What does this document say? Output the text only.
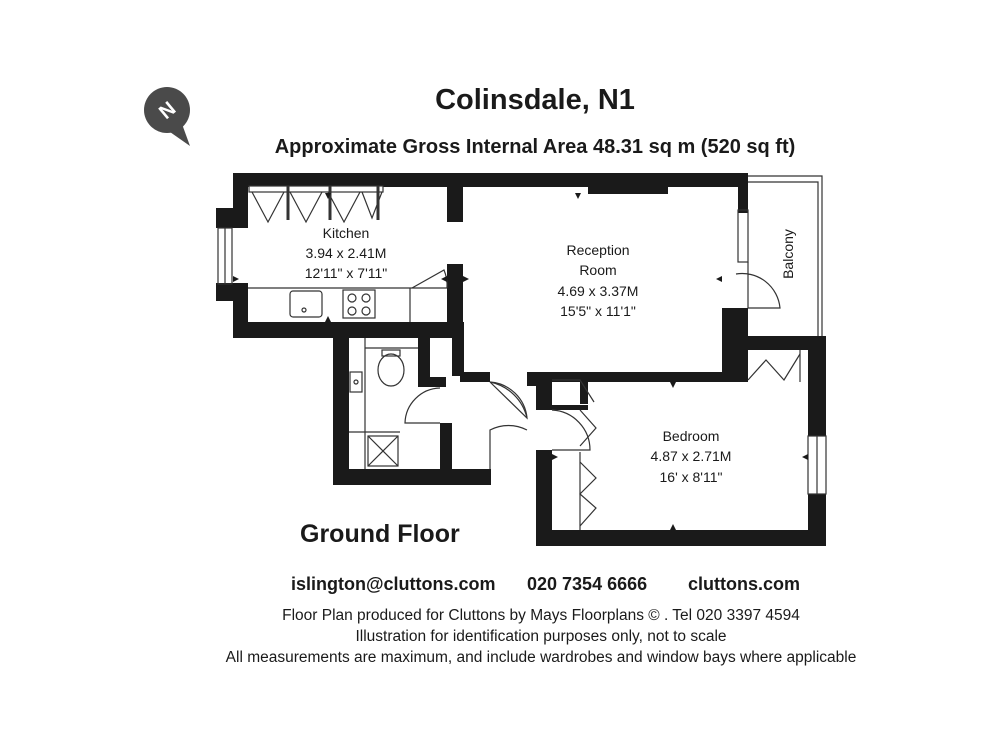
Colinsdale, N1
Approximate Gross Internal Area 48.31 sq m (520 sq ft)
N
Kitchen
3.94 x 2.41M
12'11" x 7'11"
Reception
Room
4.69 x 3.37M
15'5" x 11'1"
Bedroom
4.87 x 2.71M
16' x 8'11"
Balcony
Ground Floor
islington@cluttons.com 020 7354 6666 cluttons.com
Floor Plan produced for Cluttons by Mays Floorplans © . Tel 020 3397 4594
Illustration for identification purposes only, not to scale
All measurements are maximum, and include wardrobes and window bays where applicable
